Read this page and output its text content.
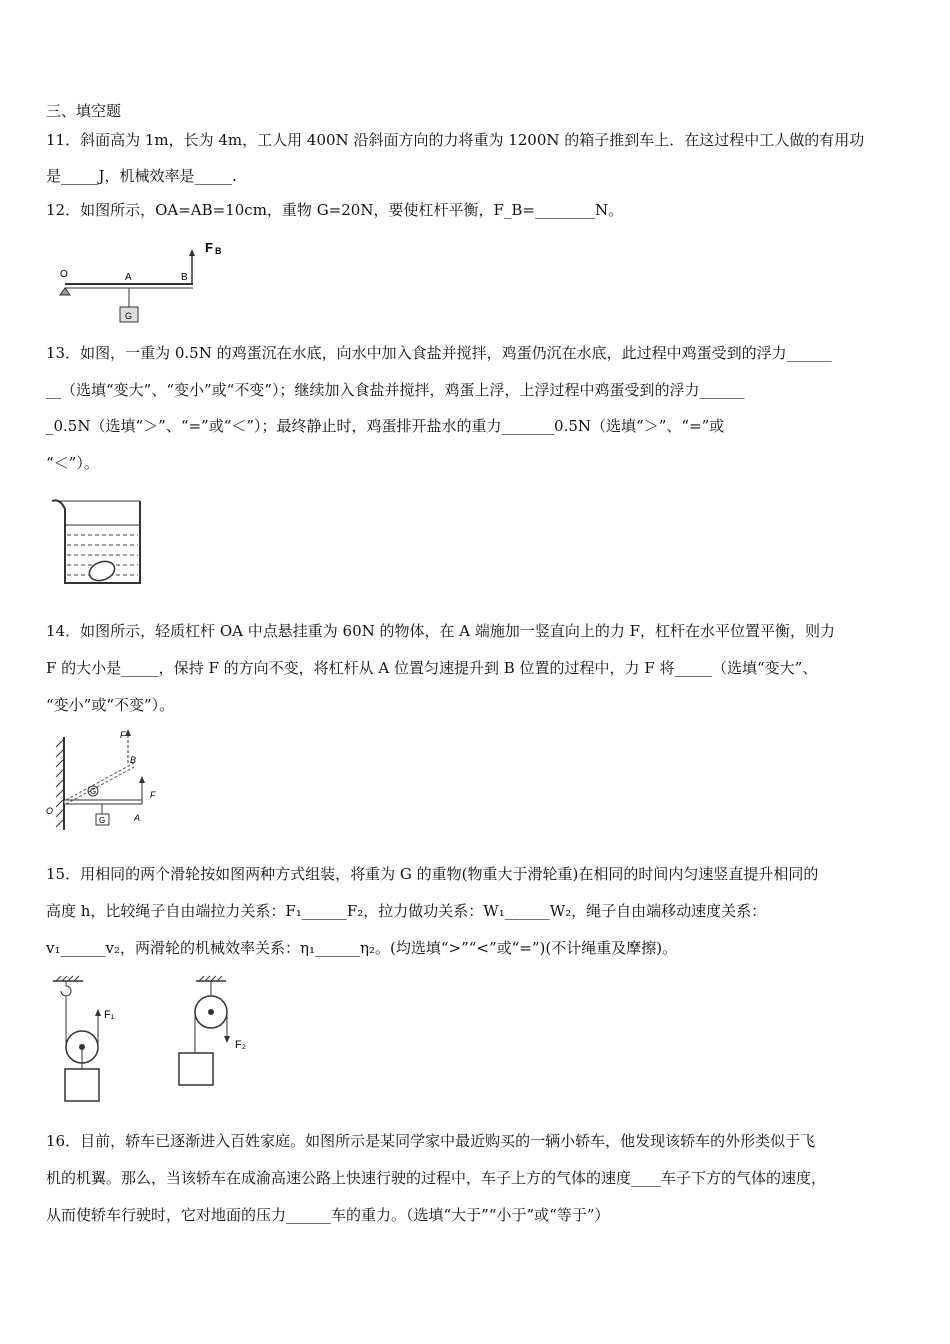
三、填空题
11．斜面高为 1m，长为 4m，工人用 400N 沿斜面方向的力将重为 1200N 的箱子推到车上．在这过程中工人做的有用功
是_____J，机械效率是_____.
12．如图所示，OA=AB=10cm，重物 G=20N，要使杠杆平衡，F_B=________N。
O	A	B
F B
G
13．如图，一重为 0.5N 的鸡蛋沉在水底，向水中加入食盐并搅拌，鸡蛋仍沉在水底，此过程中鸡蛋受到的浮力______
__（选填“变大”、“变小”或“不变”）；继续加入食盐并搅拌，鸡蛋上浮，上浮过程中鸡蛋受到的浮力______
_0.5N（选填“＞”、“=”或“＜”）；最终静止时，鸡蛋排开盐水的重力_______0.5N（选填“＞”、“=”或
“＜”）。
14．如图所示，轻质杠杆 OA 中点悬挂重为 60N 的物体，在 A 端施加一竖直向上的力 F，杠杆在水平位置平衡，则力
F 的大小是_____，保持 F 的方向不变，将杠杆从 A 位置匀速提升到 B 位置的过程中，力 F 将_____（选填“变大”、
“变小”或“不变”）。
F
B
G	F
O
G	A
15．用相同的两个滑轮按如图两种方式组装，将重为 G 的重物(物重大于滑轮重)在相同的时间内匀速竖直提升相同的
高度 h，比较绳子自由端拉力关系：F₁______F₂，拉力做功关系：W₁______W₂，绳子自由端移动速度关系：
v₁______v₂，两滑轮的机械效率关系：η₁______η₂。(均选填“>”“<”或“=”)(不计绳重及摩擦)。
F₁
F₂
16．目前，轿车已逐渐进入百姓家庭。如图所示是某同学家中最近购买的一辆小轿车，他发现该轿车的外形类似于飞
机的机翼。那么，当该轿车在成渝高速公路上快速行驶的过程中，车子上方的气体的速度____车子下方的气体的速度，
从而使轿车行驶时，它对地面的压力______车的重力。（选填“大于”“小于”或“等于”）
